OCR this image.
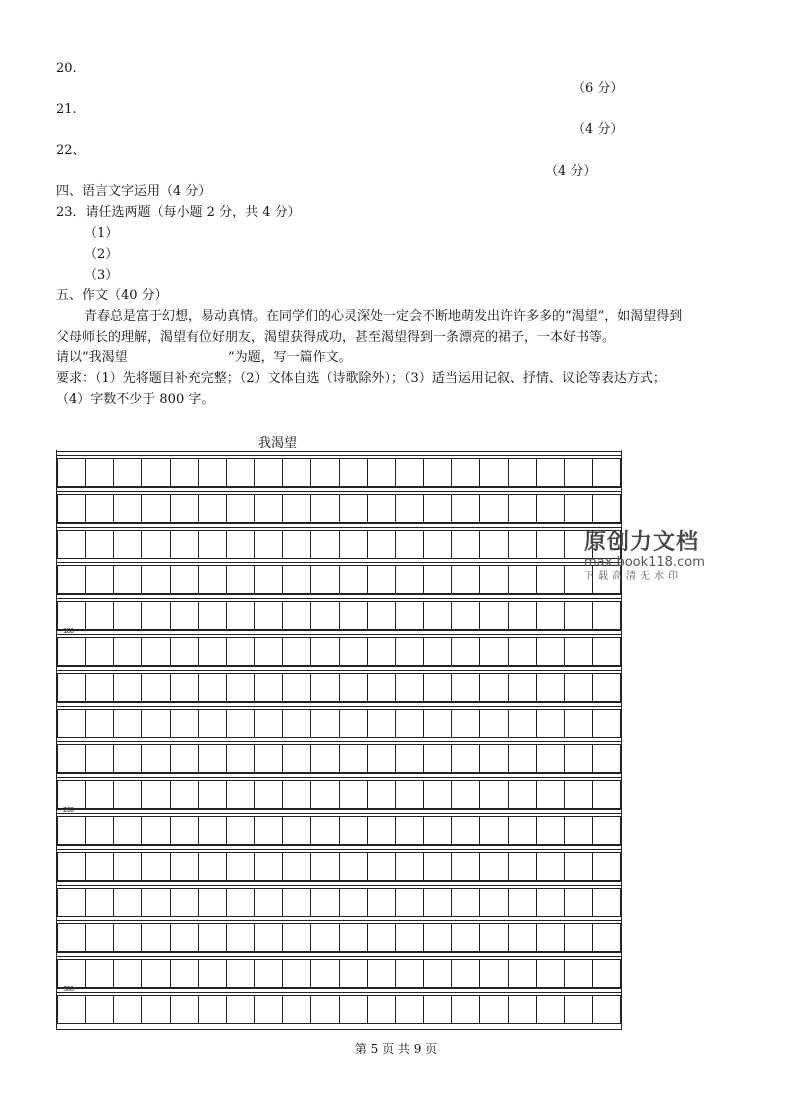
20.
（6 分）
21.
（4 分）
22、
（4 分）
四、语言文字运用（4 分）
23．请任选两题（每小题 2 分，共 4 分）
（1）
（2）
（3）
五、作文（40 分）
青春总是富于幻想，易动真情。在同学们的心灵深处一定会不断地萌发出许许多多的“渴望”，如渴望得到
父母师长的理解，渴望有位好朋友，渴望获得成功，甚至渴望得到一条漂亮的裙子，一本好书等。
请以“我渴望	”为题，写一篇作文。
要求：（1）先将题目补充完整；（2）文体自选（诗歌除外）；（3）适当运用记叙、抒情、议论等表达方式；
（4）字数不少于 800 字。
我渴望
100
200
300
原创力文档
max.book118.com
下载高清无水印
第 5 页 共 9 页
